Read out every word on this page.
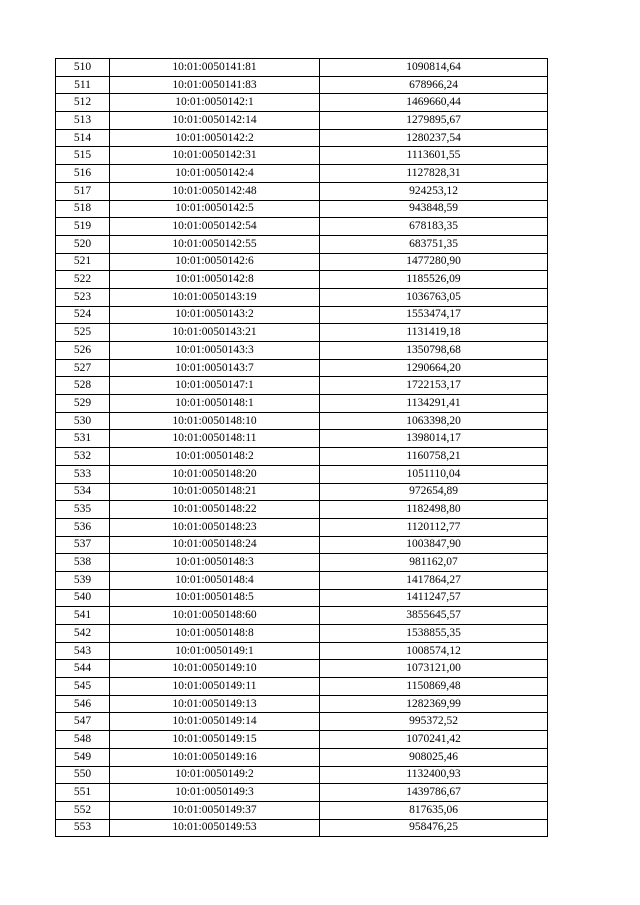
510	10:01:0050141:81	1090814,64
511	10:01:0050141:83	678966,24
512	10:01:0050142:1	1469660,44
513	10:01:0050142:14	1279895,67
514	10:01:0050142:2	1280237,54
515	10:01:0050142:31	1113601,55
516	10:01:0050142:4	1127828,31
517	10:01:0050142:48	924253,12
518	10:01:0050142:5	943848,59
519	10:01:0050142:54	678183,35
520	10:01:0050142:55	683751,35
521	10:01:0050142:6	1477280,90
522	10:01:0050142:8	1185526,09
523	10:01:0050143:19	1036763,05
524	10:01:0050143:2	1553474,17
525	10:01:0050143:21	1131419,18
526	10:01:0050143:3	1350798,68
527	10:01:0050143:7	1290664,20
528	10:01:0050147:1	1722153,17
529	10:01:0050148:1	1134291,41
530	10:01:0050148:10	1063398,20
531	10:01:0050148:11	1398014,17
532	10:01:0050148:2	1160758,21
533	10:01:0050148:20	1051110,04
534	10:01:0050148:21	972654,89
535	10:01:0050148:22	1182498,80
536	10:01:0050148:23	1120112,77
537	10:01:0050148:24	1003847,90
538	10:01:0050148:3	981162,07
539	10:01:0050148:4	1417864,27
540	10:01:0050148:5	1411247,57
541	10:01:0050148:60	3855645,57
542	10:01:0050148:8	1538855,35
543	10:01:0050149:1	1008574,12
544	10:01:0050149:10	1073121,00
545	10:01:0050149:11	1150869,48
546	10:01:0050149:13	1282369,99
547	10:01:0050149:14	995372,52
548	10:01:0050149:15	1070241,42
549	10:01:0050149:16	908025,46
550	10:01:0050149:2	1132400,93
551	10:01:0050149:3	1439786,67
552	10:01:0050149:37	817635,06
553	10:01:0050149:53	958476,25
